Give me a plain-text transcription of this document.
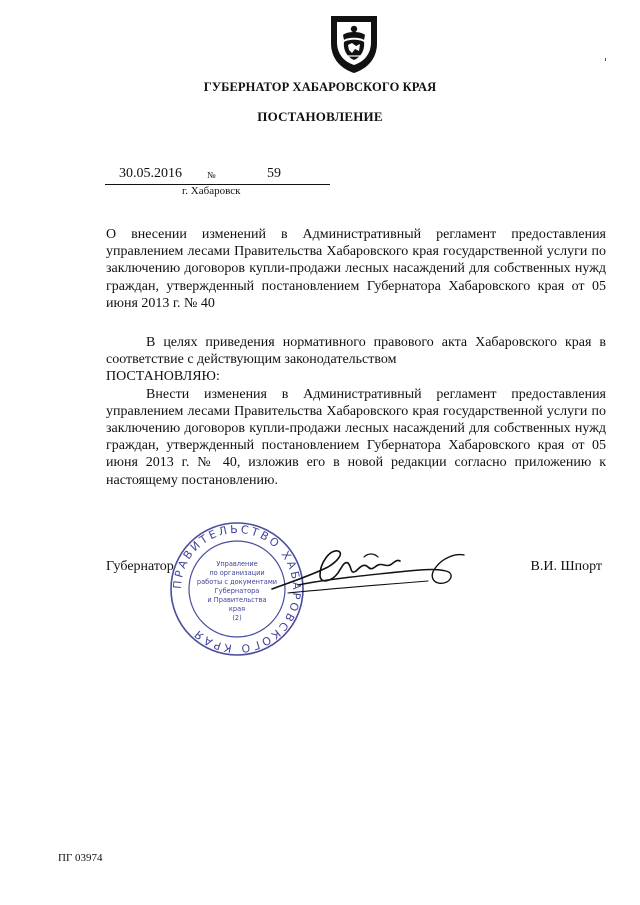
ГУБЕРНАТОР ХАБАРОВСКОГО КРАЯ
ПОСТАНОВЛЕНИЕ
30.05.2016	№	59
г. Хабаровск
О внесении изменений в Административный регламент предоставления управлением лесами Правительства Хабаровского края государственной услуги по заключению договоров купли-продажи лесных насаждений для собственных нужд граждан, утвержденный постановлением Губернатора Хабаровского края от 05 июня 2013 г. № 40

В целях приведения нормативного правового акта Хабаровского края в соответствие с действующим законодательством

ПОСТАНОВЛЯЮ:

Внести изменения в Административный регламент предоставления управлением лесами Правительства Хабаровского края государственной услуги по заключению договоров купли-продажи лесных насаждений для собственных нужд граждан, утвержденный постановлением Губернатора Хабаровского края от 05 июня 2013 г. № 40, изложив его в новой редакции согласно приложению к настоящему постановлению.

Губернатор	В.И. Шпорт
ПРАВИТЕЛЬСТВО ХАБАРОВСКОГО КРАЯ
Управление
по организации
работы с документами
Губернатора
и Правительства
края
(2)
ПГ 03974
